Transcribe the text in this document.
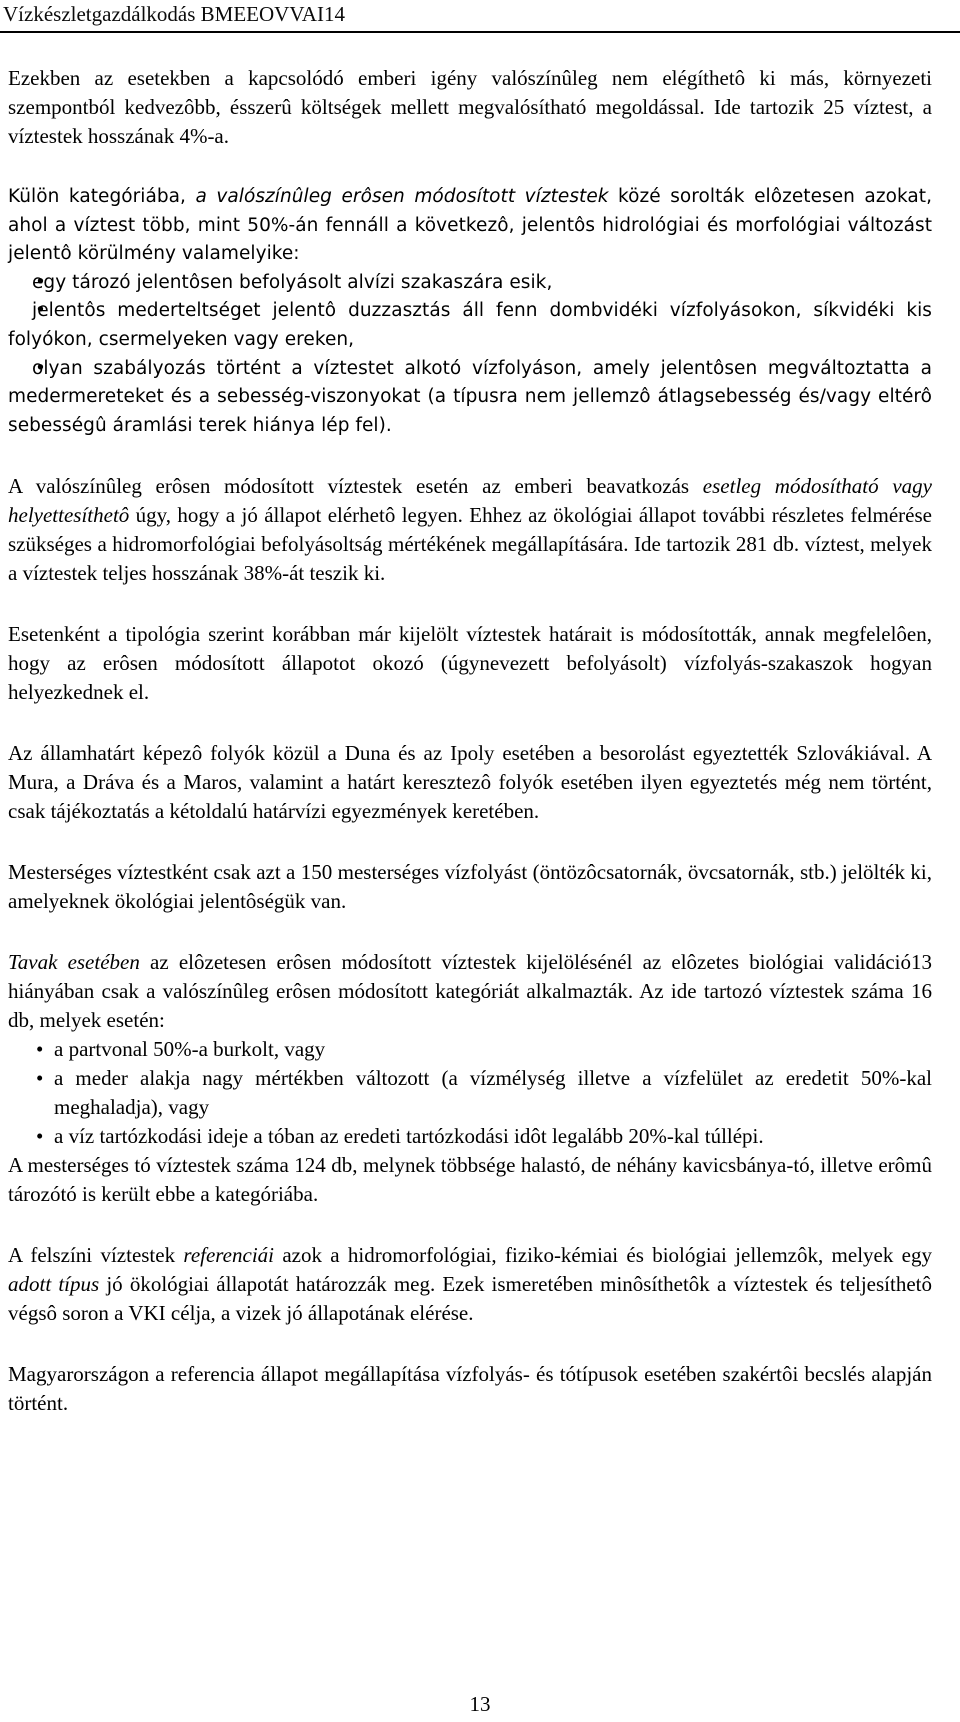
Vízkészletgazdálkodás BMEEOVVAI14

Ezekben az esetekben a kapcsolódó emberi igény valószínûleg nem elégíthetô ki más, környezeti szempontból kedvezôbb, ésszerû költségek mellett megvalósítható megoldással. Ide tartozik 25 víztest, a víztestek hosszának 4%-a.

Külön kategóriába, a valószínûleg erôsen módosított víztestek közé sorolták elôzetesen azokat, ahol a víztest több, mint 50%-án fennáll a következô, jelentôs hidrológiai és morfológiai változást jelentô körülmény valamelyike:

• egy tározó jelentôsen befolyásolt alvízi szakaszára esik,
• jelentôs mederteltséget jelentô duzzasztás áll fenn dombvidéki vízfolyásokon, síkvidéki kis folyókon, csermelyeken vagy ereken,
• olyan szabályozás történt a víztestet alkotó vízfolyáson, amely jelentôsen megváltoztatta a medermereteket és a sebesség-viszonyokat (a típusra nem jellemzô átlagsebesség és/vagy eltérô sebességû áramlási terek hiánya lép fel).

A valószínûleg erôsen módosított víztestek esetén az emberi beavatkozás esetleg módosítható vagy helyettesíthetô úgy, hogy a jó állapot elérhetô legyen. Ehhez az ökológiai állapot további részletes felmérése szükséges a hidromorfológiai befolyásoltság mértékének megállapítására. Ide tartozik 281 db. víztest, melyek a víztestek teljes hosszának 38%-át teszik ki.

Esetenként a tipológia szerint korábban már kijelölt víztestek határait is módosították, annak megfelelôen, hogy az erôsen módosított állapotot okozó (úgynevezett befolyásolt) vízfolyás-szakaszok hogyan helyezkednek el.

Az államhatárt képezô folyók közül a Duna és az Ipoly esetében a besorolást egyeztették Szlovákiával. A Mura, a Dráva és a Maros, valamint a határt keresztezô folyók esetében ilyen egyeztetés még nem történt, csak tájékoztatás a kétoldalú határvízi egyezmények keretében.

Mesterséges víztestként csak azt a 150 mesterséges vízfolyást (öntözôcsatornák, övcsatornák, stb.) jelölték ki, amelyeknek ökológiai jelentôségük van.

Tavak esetében az elôzetesen erôsen módosított víztestek kijelölésénél az elôzetes biológiai validáció13 hiányában csak a valószínûleg erôsen módosított kategóriát alkalmazták. Az ide tartozó víztestek száma 16 db, melyek esetén:

• a partvonal 50%-a burkolt, vagy
• a meder alakja nagy mértékben változott (a vízmélység illetve a vízfelület az eredetit 50%-kal meghaladja), vagy
• a víz tartózkodási ideje a tóban az eredeti tartózkodási idôt legalább 20%-kal túllépi.

A mesterséges tó víztestek száma 124 db, melynek többsége halastó, de néhány kavicsbánya-tó, illetve erômû tározótó is került ebbe a kategóriába.

A felszíni víztestek referenciái azok a hidromorfológiai, fiziko-kémiai és biológiai jellemzôk, melyek egy adott típus jó ökológiai állapotát határozzák meg. Ezek ismeretében minôsíthetôk a víztestek és teljesíthetô végsô soron a VKI célja, a vizek jó állapotának elérése.

Magyarországon a referencia állapot megállapítása vízfolyás- és tótípusok esetében szakértôi becslés alapján történt.

13
